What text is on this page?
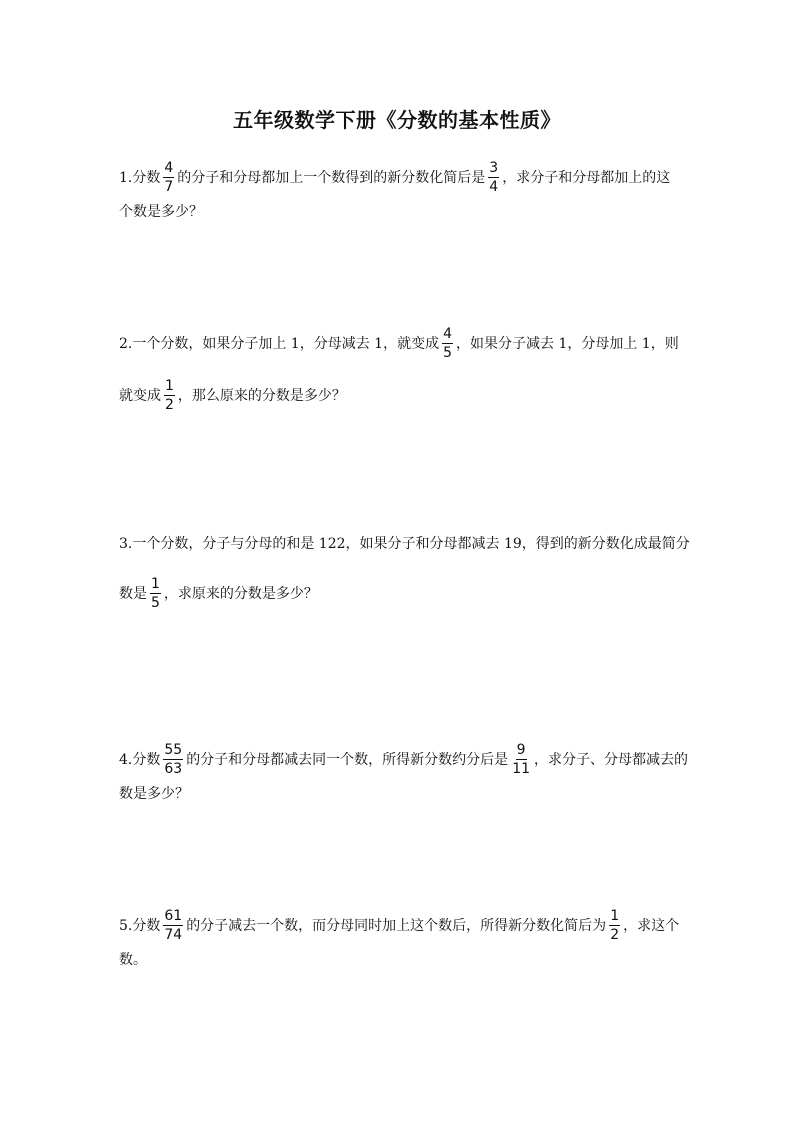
五年级数学下册《分数的基本性质》
1.分数 $\frac{4}{7}$ 的分子和分母都加上一个数得到的新分数化简后是 $\frac{3}{4}$ ，求分子和分母都加上的这
个数是多少？
2.一个分数，如果分子加上 1，分母减去 1，就变成 $\frac{4}{5}$ ，如果分子减去 1，分母加上 1，则
就变成 $\frac{1}{2}$ ，那么原来的分数是多少？
3.一个分数，分子与分母的和是 122，如果分子和分母都减去 19，得到的新分数化成最简分
数是 $\frac{1}{5}$ ，求原来的分数是多少？
4.分数 $\frac{55}{63}$ 的分子和分母都减去同一个数，所得新分数约分后是 $\frac{9}{11}$ ，求分子、分母都减去的
数是多少？
5.分数 $\frac{61}{74}$ 的分子减去一个数，而分母同时加上这个数后，所得新分数化简后为 $\frac{1}{2}$ ，求这个
数。
